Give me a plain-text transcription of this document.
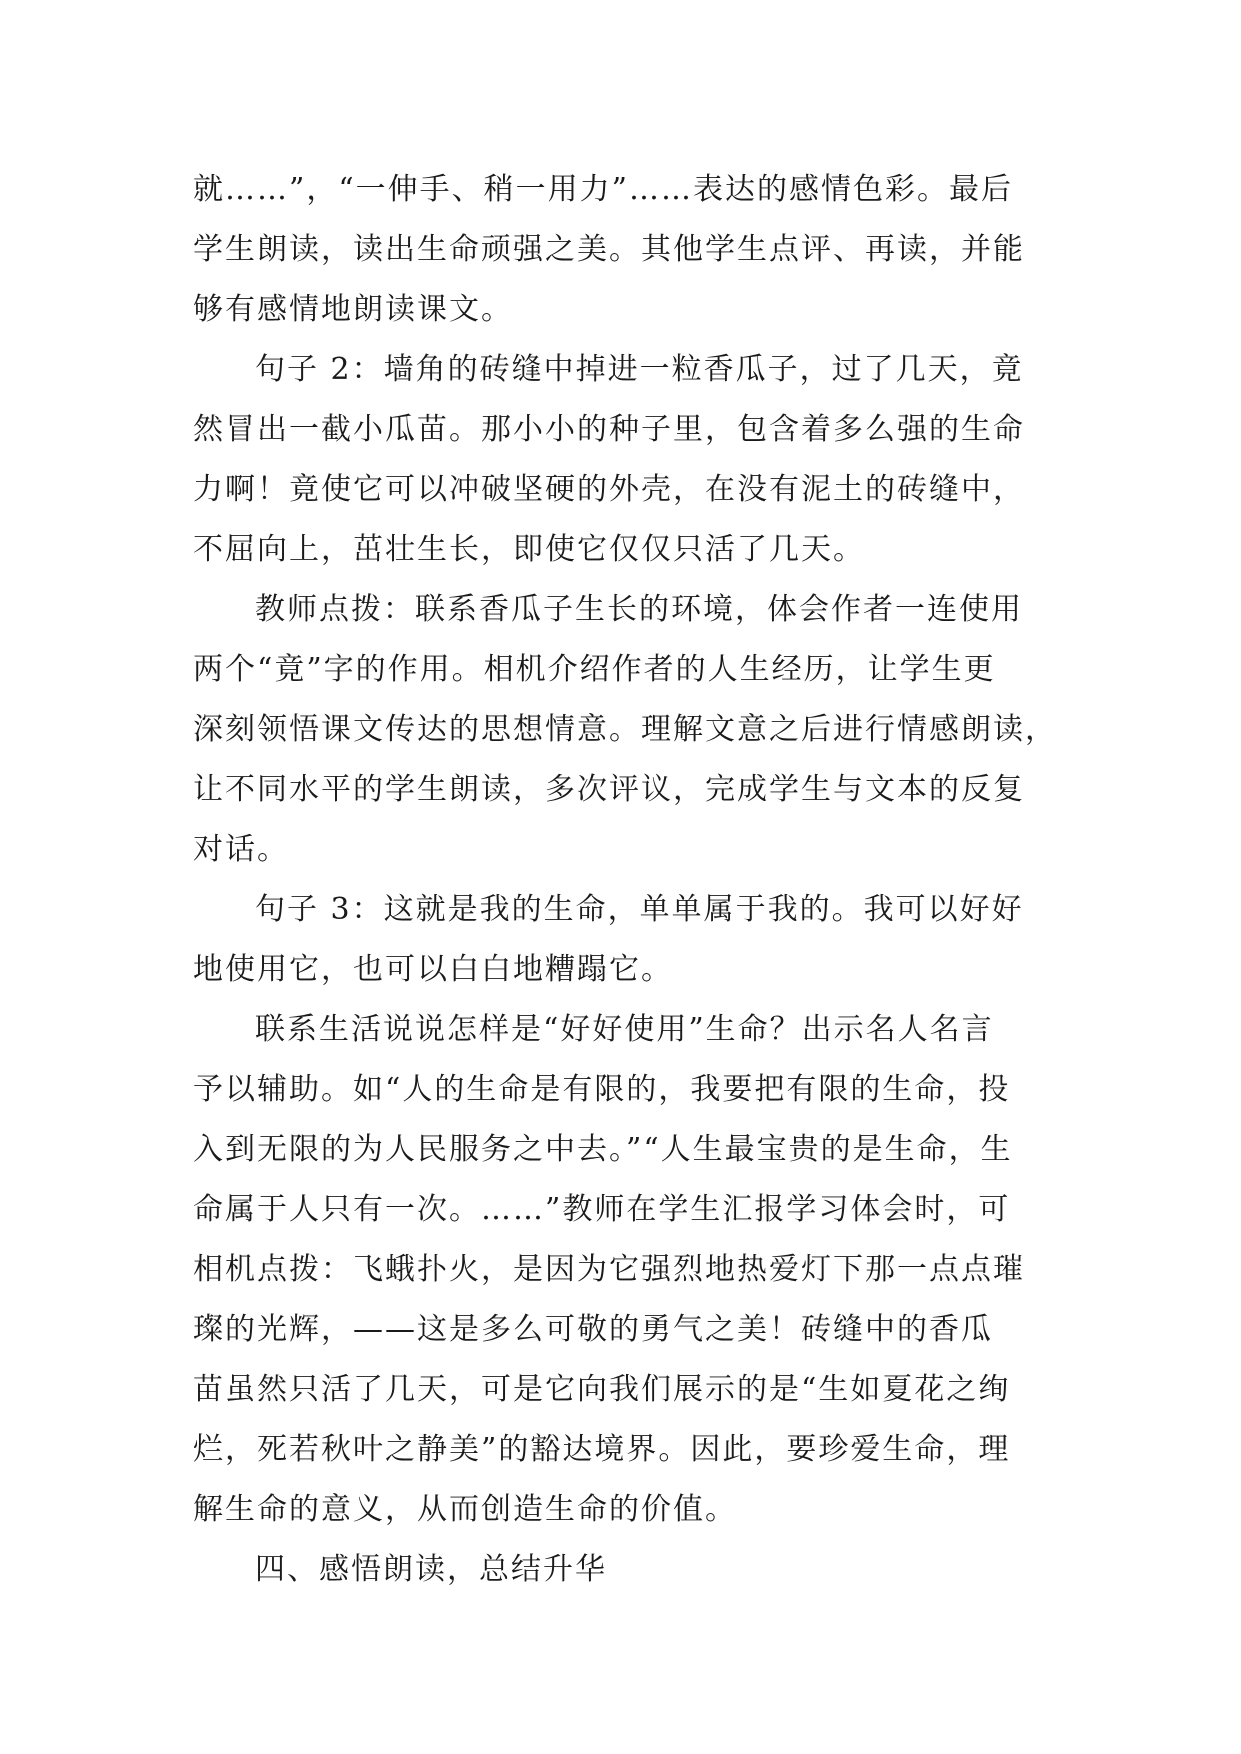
就……”，“一伸手、稍一用力”……表达的感情色彩。最后
学生朗读，读出生命顽强之美。其他学生点评、再读，并能
够有感情地朗读课文。
句子 2：墙角的砖缝中掉进一粒香瓜子，过了几天，竟
然冒出一截小瓜苗。那小小的种子里，包含着多么强的生命
力啊！竟使它可以冲破坚硬的外壳，在没有泥土的砖缝中，
不屈向上，茁壮生长，即使它仅仅只活了几天。
教师点拨：联系香瓜子生长的环境，体会作者一连使用
两个“竟”字的作用。相机介绍作者的人生经历，让学生更
深刻领悟课文传达的思想情意。理解文意之后进行情感朗读，
让不同水平的学生朗读，多次评议，完成学生与文本的反复
对话。
句子 3：这就是我的生命，单单属于我的。我可以好好
地使用它，也可以白白地糟蹋它。
联系生活说说怎样是“好好使用”生命？出示名人名言
予以辅助。如“人的生命是有限的，我要把有限的生命，投
入到无限的为人民服务之中去。”“人生最宝贵的是生命，生
命属于人只有一次。……”教师在学生汇报学习体会时，可
相机点拨：飞蛾扑火，是因为它强烈地热爱灯下那一点点璀
璨的光辉，——这是多么可敬的勇气之美！砖缝中的香瓜
苗虽然只活了几天，可是它向我们展示的是“生如夏花之绚
烂，死若秋叶之静美”的豁达境界。因此，要珍爱生命，理
解生命的意义，从而创造生命的价值。
四、感悟朗读，总结升华
